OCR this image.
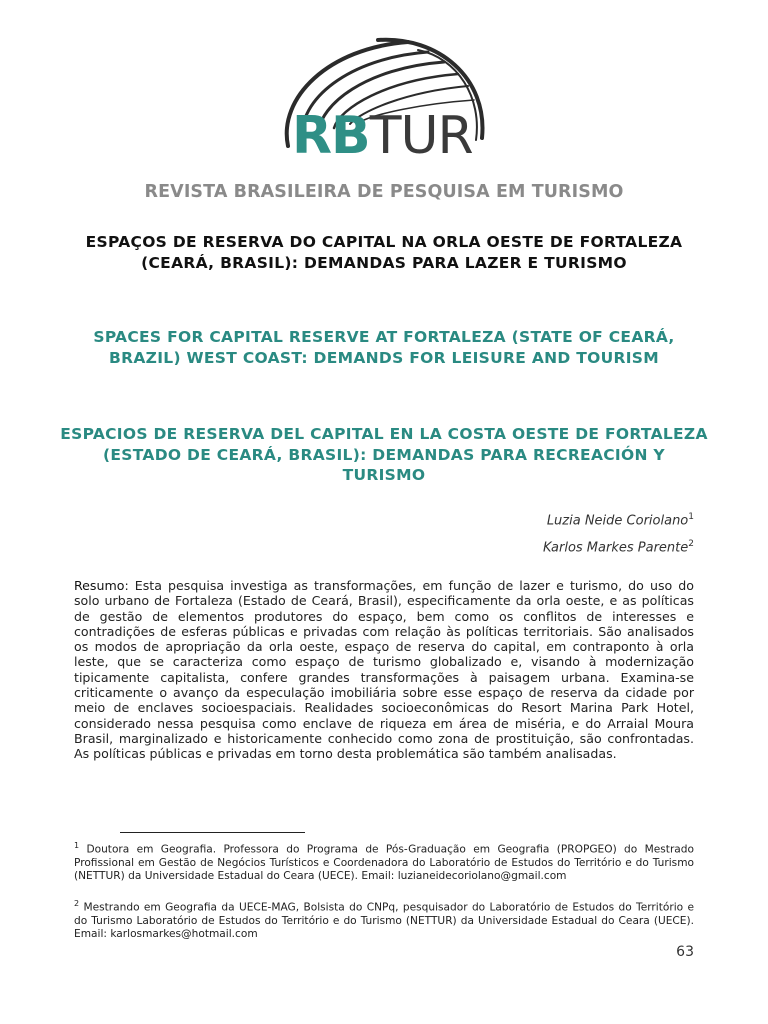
RBTUR
REVISTA BRASILEIRA DE PESQUISA EM TURISMO
ESPAÇOS DE RESERVA DO CAPITAL NA ORLA OESTE DE FORTALEZA (CEARÁ, BRASIL): DEMANDAS PARA LAZER E TURISMO
SPACES FOR CAPITAL RESERVE AT FORTALEZA (STATE OF CEARÁ, BRAZIL) WEST COAST: DEMANDS FOR LEISURE AND TOURISM
ESPACIOS DE RESERVA DEL CAPITAL EN LA COSTA OESTE DE FORTALEZA (ESTADO DE CEARÁ, BRASIL): DEMANDAS PARA RECREACIÓN Y TURISMO
Luzia Neide Coriolano$^1$
Karlos Markes Parente$^2$

Resumo: Esta pesquisa investiga as transformações, em função de lazer e turismo, do uso do solo urbano de Fortaleza (Estado de Ceará, Brasil), especificamente da orla oeste, e as políticas de gestão de elementos produtores do espaço, bem como os conflitos de interesses e contradições de esferas públicas e privadas com relação às políticas territoriais. São analisados os modos de apropriação da orla oeste, espaço de reserva do capital, em contraponto à orla leste, que se caracteriza como espaço de turismo globalizado e, visando à modernização tipicamente capitalista, confere grandes transformações à paisagem urbana. Examina-se criticamente o avanço da especulação imobiliária sobre esse espaço de reserva da cidade por meio de enclaves socioespaciais. Realidades socioeconômicas do Resort Marina Park Hotel, considerado nessa pesquisa como enclave de riqueza em área de miséria, e do Arraial Moura Brasil, marginalizado e historicamente conhecido como zona de prostituição, são confrontadas. As políticas públicas e privadas em torno desta problemática são também analisadas.

$^1$ Doutora em Geografia. Professora do Programa de Pós-Graduação em Geografia (PROPGEO) do Mestrado Profissional em Gestão de Negócios Turísticos e Coordenadora do Laboratório de Estudos do Território e do Turismo (NETTUR) da Universidade Estadual do Ceara (UECE). Email: luzianeidecoriolano@gmail.com

$^2$ Mestrando em Geografia da UECE-MAG, Bolsista do CNPq, pesquisador do Laboratório de Estudos do Território e do Turismo Laboratório de Estudos do Território e do Turismo (NETTUR) da Universidade Estadual do Ceara (UECE). Email: karlosmarkes@hotmail.com

63
